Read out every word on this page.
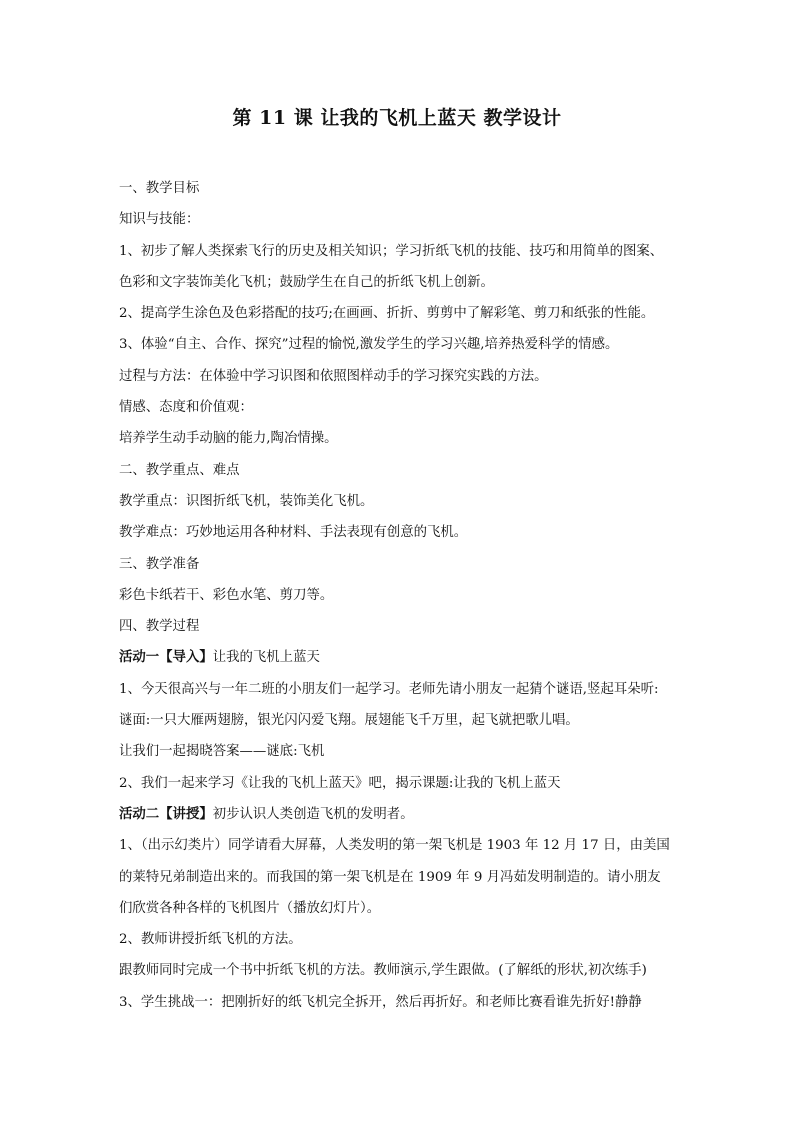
第 11 课 让我的飞机上蓝天 教学设计
一、教学目标
知识与技能：
1、初步了解人类探索飞行的历史及相关知识；学习折纸飞机的技能、技巧和用简单的图案、
色彩和文字装饰美化飞机；鼓励学生在自己的折纸飞机上创新。
2、提高学生涂色及色彩搭配的技巧;在画画、折折、剪剪中了解彩笔、剪刀和纸张的性能。
3、体验“自主、合作、探究”过程的愉悦,激发学生的学习兴趣,培养热爱科学的情感。
过程与方法：在体验中学习识图和依照图样动手的学习探究实践的方法。
情感、态度和价值观：
培养学生动手动脑的能力,陶冶情操。
二、教学重点、难点
教学重点：识图折纸飞机，装饰美化飞机。
教学难点：巧妙地运用各种材料、手法表现有创意的飞机。
三、教学准备
彩色卡纸若干、彩色水笔、剪刀等。
四、教学过程
活动一【导入】让我的飞机上蓝天
1、今天很高兴与一年二班的小朋友们一起学习。老师先请小朋友一起猜个谜语,竖起耳朵听:
谜面:一只大雁两翅膀，银光闪闪爱飞翔。展翅能飞千万里，起飞就把歌儿唱。
让我们一起揭晓答案——谜底:飞机
2、我们一起来学习《让我的飞机上蓝天》吧，揭示课题:让我的飞机上蓝天
活动二【讲授】初步认识人类创造飞机的发明者。
1、（出示幻类片）同学请看大屏幕，人类发明的第一架飞机是 1903 年 12 月 17 日，由美国
的莱特兄弟制造出来的。而我国的第一架飞机是在 1909 年 9 月冯茹发明制造的。请小朋友
们欣赏各种各样的飞机图片（播放幻灯片）。
2、教师讲授折纸飞机的方法。
跟教师同时完成一个书中折纸飞机的方法。教师演示,学生跟做。(了解纸的形状,初次练手)
3、学生挑战一：把刚折好的纸飞机完全拆开，然后再折好。和老师比赛看谁先折好!静静
